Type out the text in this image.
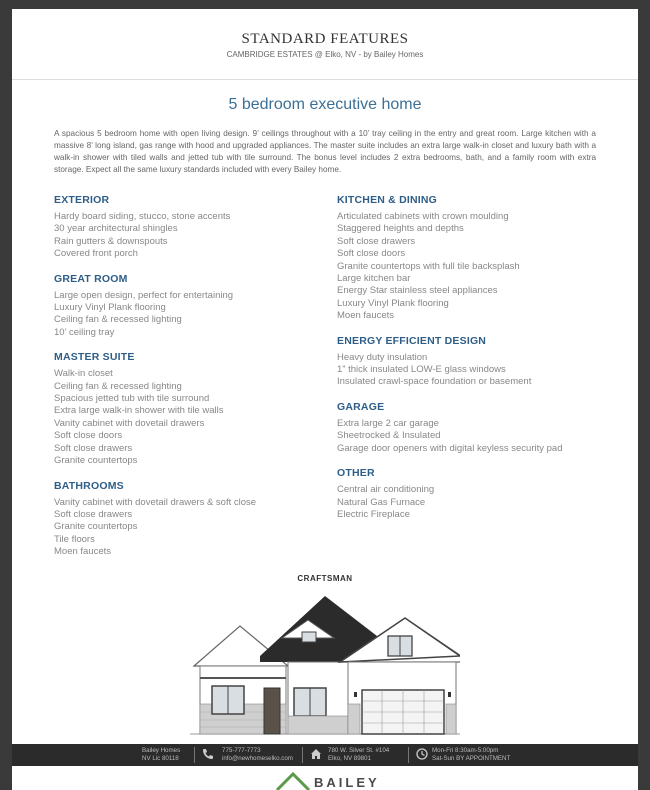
STANDARD FEATURES
CAMBRIDGE ESTATES @ Elko, NV - by Bailey Homes
5 bedroom executive home
A spacious 5 bedroom home with open living design. 9’ ceilings throughout with a 10’ tray ceiling in the entry and great room. Large kitchen with a massive 8’ long island, gas range with hood and upgraded appliances. The master suite includes an extra large walk-in closet and luxury bath with a walk-in shower with tiled walls and jetted tub with tile surround. The bonus level includes 2 extra bedrooms, bath, and a family room with extra storage. Expect all the same luxury standards included with every Bailey home.
EXTERIOR
Hardy board siding, stucco, stone accents
30 year architectural shingles
Rain gutters & downspouts
Covered front porch
GREAT ROOM
Large open design, perfect for entertaining
Luxury Vinyl Plank flooring
Ceiling fan & recessed lighting
10’ ceiling tray
MASTER SUITE
Walk-in closet
Ceiling fan & recessed lighting
Spacious jetted tub with tile surround
Extra large walk-in shower with tile walls
Vanity cabinet with dovetail drawers
Soft close doors
Soft close drawers
Granite countertops
BATHROOMS
Vanity cabinet with dovetail drawers & soft close
Soft close drawers
Granite countertops
Tile floors
Moen faucets
KITCHEN & DINING
Articulated cabinets with crown moulding
Staggered heights and depths
Soft close drawers
Soft close doors
Granite countertops with full tile backsplash
Large kitchen bar
Energy Star stainless steel appliances
Luxury Vinyl Plank flooring
Moen faucets
ENERGY EFFICIENT DESIGN
Heavy duty insulation
1” thick insulated LOW-E glass windows
Insulated crawl-space foundation or basement
GARAGE
Extra large 2 car garage
Sheetrocked & Insulated
Garage door openers with digital keyless security pad
OTHER
Central air conditioning
Natural Gas Furnace
Electric Fireplace
CRAFTSMAN
Bailey Homes
NV Lic 80118
775-777-7773
info@newhomeselko.com
780 W. Silver St. #104
Elko, NV 89801
Mon-Fri 8:30am-5:00pm
Sat-Sun BY APPOINTMENT
BAILEY
